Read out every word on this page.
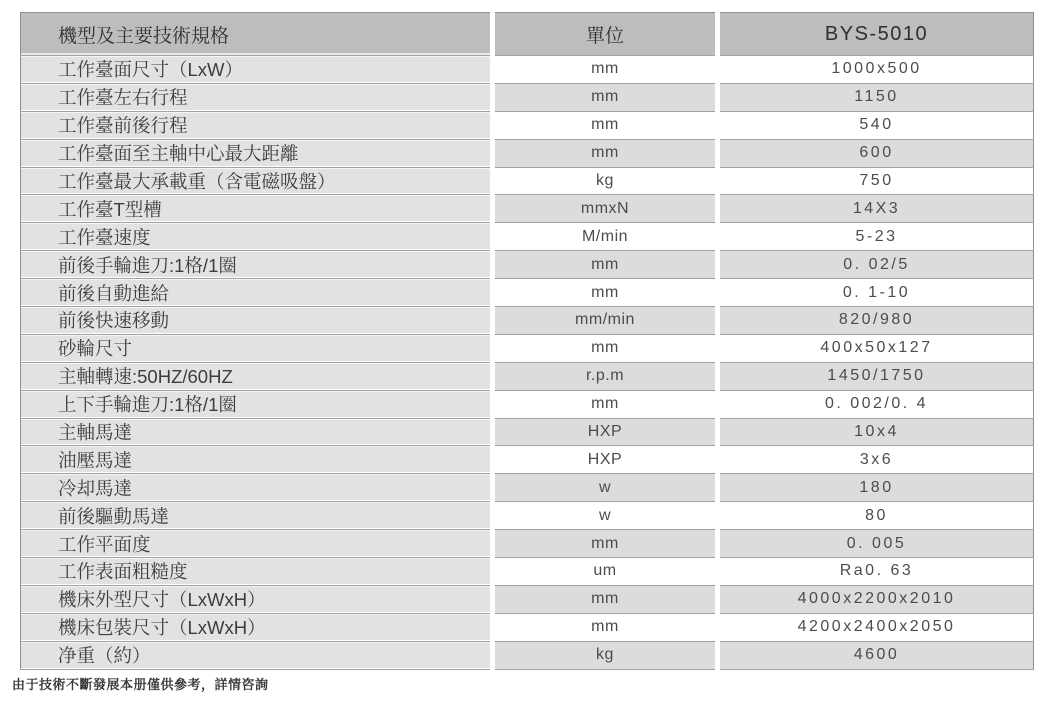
機型及主要技術規格	單位	BYS-5010
工作臺面尺寸（LxW）	mm	1000x500
工作臺左右行程	mm	1150
工作臺前後行程	mm	540
工作臺面至主軸中心最大距離	mm	600
工作臺最大承載重（含電磁吸盤）	kg	750
工作臺T型槽	mmxN	14X3
工作臺速度	M/min	5-23
前後手輪進刀:1格/1圈	mm	0. 02/5
前後自動進給	mm	0. 1-10
前後快速移動	mm/min	820/980
砂輪尺寸	mm	400x50x127
主軸轉速:50HZ/60HZ	r.p.m	1450/1750
上下手輪進刀:1格/1圈	mm	0. 002/0. 4
主軸馬達	HXP	10x4
油壓馬達	HXP	3x6
冷却馬達	w	180
前後驅動馬達	w	80
工作平面度	mm	0. 005
工作表面粗糙度	um	Ra0. 63
機床外型尺寸（LxWxH）	mm	4000x2200x2010
機床包裝尺寸（LxWxH）	mm	4200x2400x2050
净重（約）	kg	4600
由于技術不斷發展本册僅供參考，詳情咨詢
